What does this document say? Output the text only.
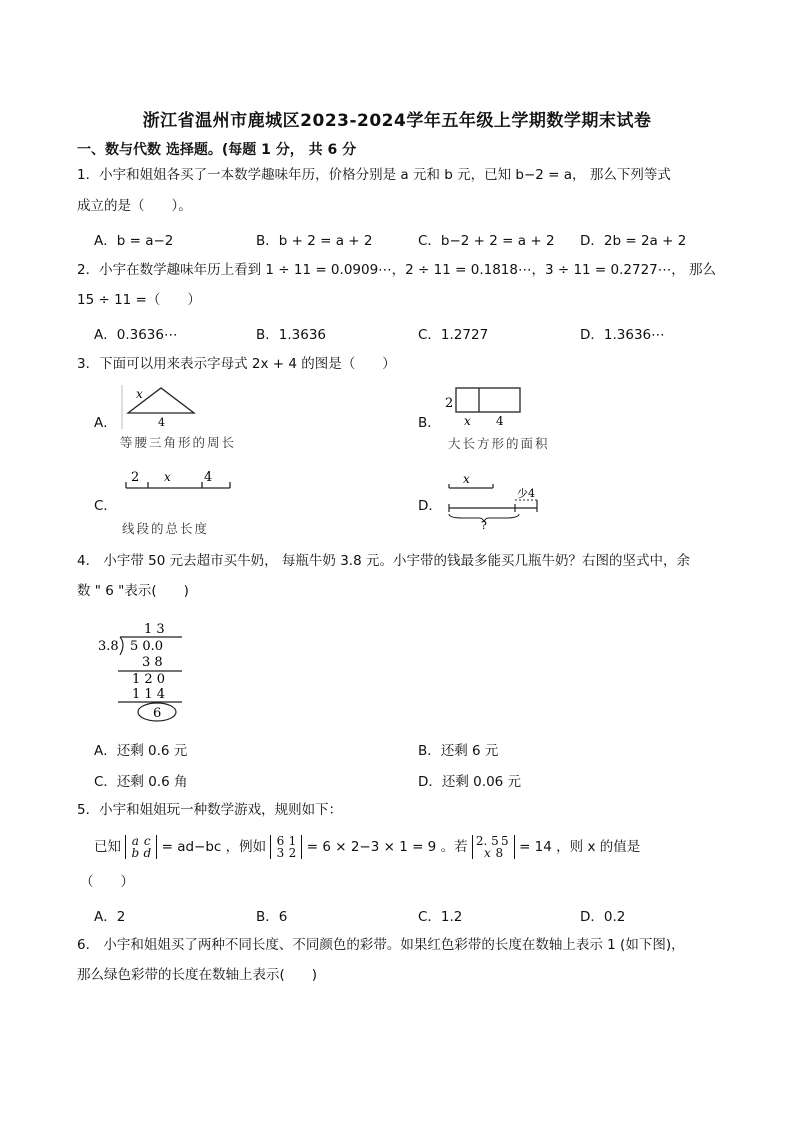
浙江省温州市鹿城区2023-2024学年五年级上学期数学期末试卷
一、数与代数 选择题。(每题 1 分， 共 6 分
1．小宇和姐姐各买了一本数学趣味年历，价格分别是 a 元和 b 元，已知 b−2 = a， 那么下列等式
成立的是（　　）。
A．b = a−2	B．b + 2 = a + 2	C．b−2 + 2 = a + 2 D．2b = 2a + 2
2．小宇在数学趣味年历上看到 1 ÷ 11 = 0.0909⋯，2 ÷ 11 = 0.1818⋯，3 ÷ 11 = 0.2727⋯， 那么
15 ÷ 11 =（　　）
A．0.3636⋯	B．1.3636	C．1.2727	D．1.3636⋯
3．下面可以用来表示字母式 2x + 4 的图是（　　）
A．
x
4
等腰三角形的周长
B．
2
x 4
大长方形的面积
C．
2 x	4
线段的总长度
D．
x
少4
?
4． 小宇带 50 元去超市买牛奶， 每瓶牛奶 3.8 元。小宇带的钱最多能买几瓶牛奶？右图的坚式中，余
数 " 6 "表示(　　)
1 3
3.8 5 0.0
3 8
1 2 0
1 1 4
6
A．还剩 0.6 元	B．还剩 6 元
C．还剩 0.6 角	D．还剩 0.06 元
5．小宇和姐姐玩一种数学游戏，规则如下：
已知 a c
b d = ad−bc ，例如 6 1
3 2 = 6 × 2−3 × 1 = 9 。若 2. 5 5
x 8 = 14 ，则 x 的值是
（　　）
A．2	B．6	C．1.2	D．0.2
6． 小宇和姐姐买了两种不同长度、不同颜色的彩带。如果红色彩带的长度在数轴上表示 1 (如下图)，
那么绿色彩带的长度在数轴上表示(　　)
